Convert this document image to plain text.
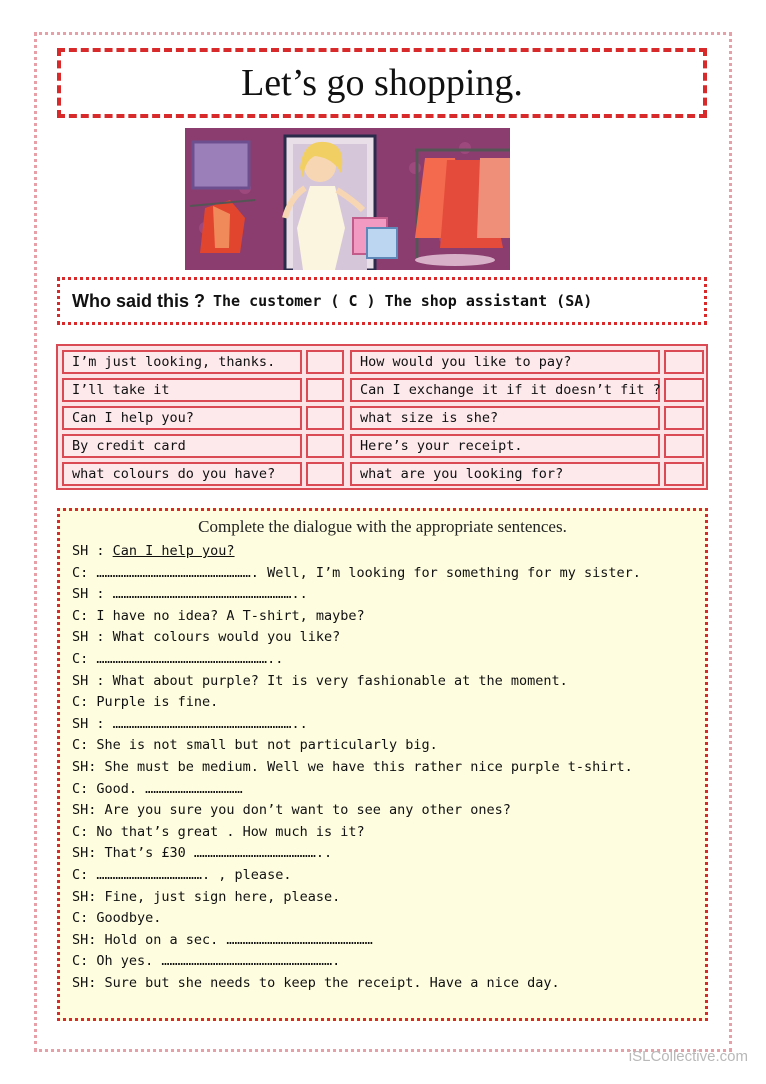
Let’s go shopping.
Who said this ? The customer ( C ) The shop assistant (SA)
I’m just looking, thanks.	How would you like to pay?
I’ll take it	Can I exchange it if it doesn’t fit ?
Can I help you?	what size is she?
By credit card	Here’s your receipt.
what colours do you have?	what are you looking for?
Complete the dialogue with the appropriate sentences.
SH : Can I help you?
C: …………………………………………………. Well, I’m looking for something for my sister.
SH : …………………………………………………………..
C: I have no idea? A T-shirt, maybe?
SH : What colours would you like?
C: ………………………………………………………..
SH : What about purple? It is very fashionable at the moment.
C: Purple is fine.
SH : …………………………………………………………..
C: She is not small but not particularly big.
SH: She must be medium. Well we have this rather nice purple t-shirt.
C: Good. ………………………………
SH: Are you sure you don’t want to see any other ones?
C: No that’s great . How much is it?
SH: That’s £30 ………………………………………..
C: …………………………………. , please.
SH: Fine, just sign here, please.
C: Goodbye.
SH: Hold on a sec. ………………………………………………
C: Oh yes. ……………………………………………………….
SH: Sure but she needs to keep the receipt. Have a nice day.
iSLCollective.com
